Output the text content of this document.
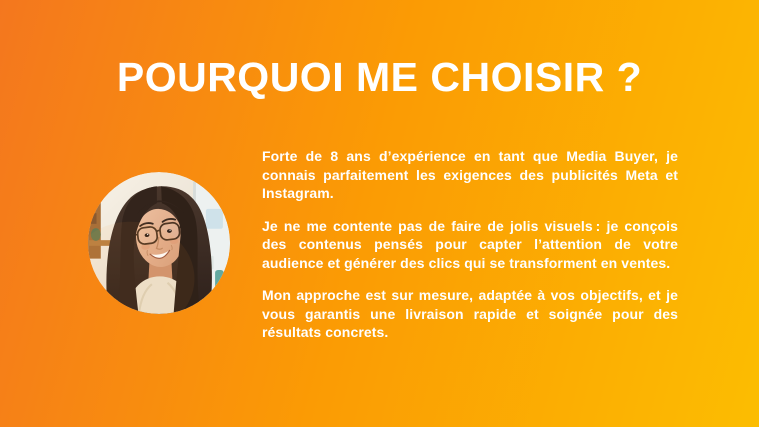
POURQUOI ME CHOISIR ?

Forte de 8 ans d’expérience en tant que Media Buyer, je connais parfaitement les exigences des publicités Meta et Instagram.

Je ne me contente pas de faire de jolis visuels : je conçois des contenus pensés pour capter l’attention de votre audience et générer des clics qui se transforment en ventes.

Mon approche est sur mesure, adaptée à vos objectifs, et je vous garantis une livraison rapide et soignée pour des résultats concrets.
